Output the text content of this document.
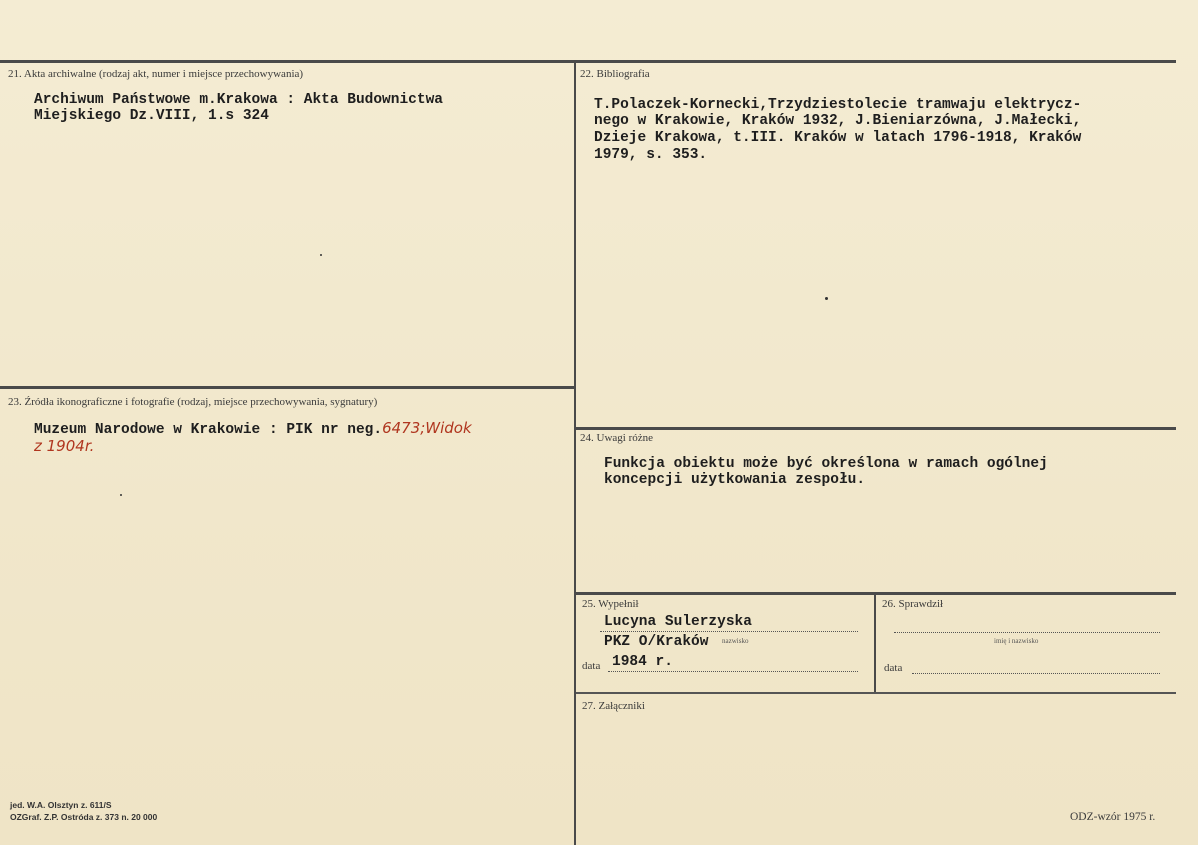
21. Akta archiwalne (rodzaj akt, numer i miejsce przechowywania)
Archiwum Państwowe m.Krakowa : Akta Budownictwa
Miejskiego Dz.VIII, 1.s 324
22. Bibliografia
T.Polaczek-Kornecki,Trzydziestolecie tramwaju elektrycz-
nego w Krakowie, Kraków 1932, J.Bieniarzówna, J.Małecki,
Dzieje Krakowa, t.III. Kraków w latach 1796-1918, Kraków
1979, s. 353.
23. Źródła ikonograficzne i fotografie (rodzaj, miejsce przechowywania, sygnatury)
Muzeum Narodowe w Krakowie : PIK nr neg.6473;Widok
z 1904r.	24. Uwagi różne
Funkcja obiektu może być określona w ramach ogólnej
koncepcji użytkowania zespołu.
25. Wypełnił
Lucyna Sulerzyska
PKZ O/Kraków nazwisko
data 1984 r.
26. Sprawdził
imię i nazwisko
data
27. Załączniki
jed. W.A. Olsztyn z. 611/S
OZGraf. Z.P. Ostróda z. 373 n. 20 000	ODZ-wzór 1975 r.
